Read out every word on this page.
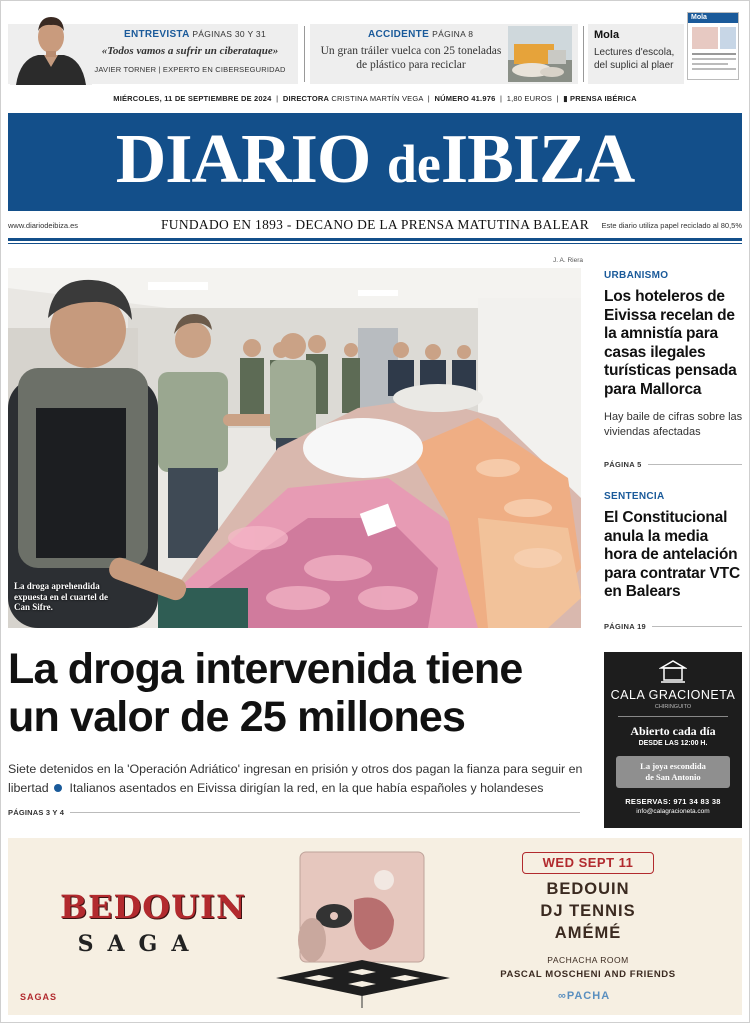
ENTREVISTA PÁGINAS 30 Y 31
«Todos vamos a sufrir un ciberataque»
JAVIER TORNER | EXPERTO EN CIBERSEGURIDAD
ACCIDENTE PÁGINA 8
Un gran tráiler vuelca con 25 toneladas de plástico para reciclar
Mola
Lectures d'escola, del suplici al plaer
Mola
MIÉRCOLES, 11 DE SEPTIEMBRE DE 2024  |  DIRECTORA CRISTINA MARTÍN VEGA  |  NÚMERO 41.976  |  1,80 EUROS  |  ▮ PRENSA IBÉRICA
DIARIO deIBIZA
www.diariodeibiza.es	FUNDADO EN 1893 - DECANO DE LA PRENSA MATUTINA BALEAR	Este diario utiliza papel reciclado al 80,5%
J. A. Riera
La droga aprehendida expuesta en el cuartel de Can Sifre.
La droga intervenida tiene
un valor de 25 millones
Siete detenidos en la 'Operación Adriático' ingresan en prisión y otros dos pagan la fianza para seguir en libertad Italianos asentados en Eivissa dirigían la red, en la que había españoles y holandeses
PÁGINAS 3 Y 4
URBANISMO
Los hoteleros de Eivissa recelan de la amnistía para casas ilegales turísticas pensada para Mallorca
Hay baile de cifras sobre las viviendas afectadas
PÁGINA 5
SENTENCIA
El Constitucional anula la media hora de antelación para contratar VTC en Balears
PÁGINA 19
CALA GRACIONETA
CHIRINGUITO
Abierto cada día
DESDE LAS 12:00 H.
La joya escondida
de San Antonio
RESERVAS: 971 34 83 38
info@calagracioneta.com
BEDOUIN
SAGA
SAGAS
WED SEPT 11
BEDOUIN
DJ TENNIS
AMÉMÉ
PACHACHA ROOM
PASCAL MOSCHENI AND FRIENDS
∞PACHA
